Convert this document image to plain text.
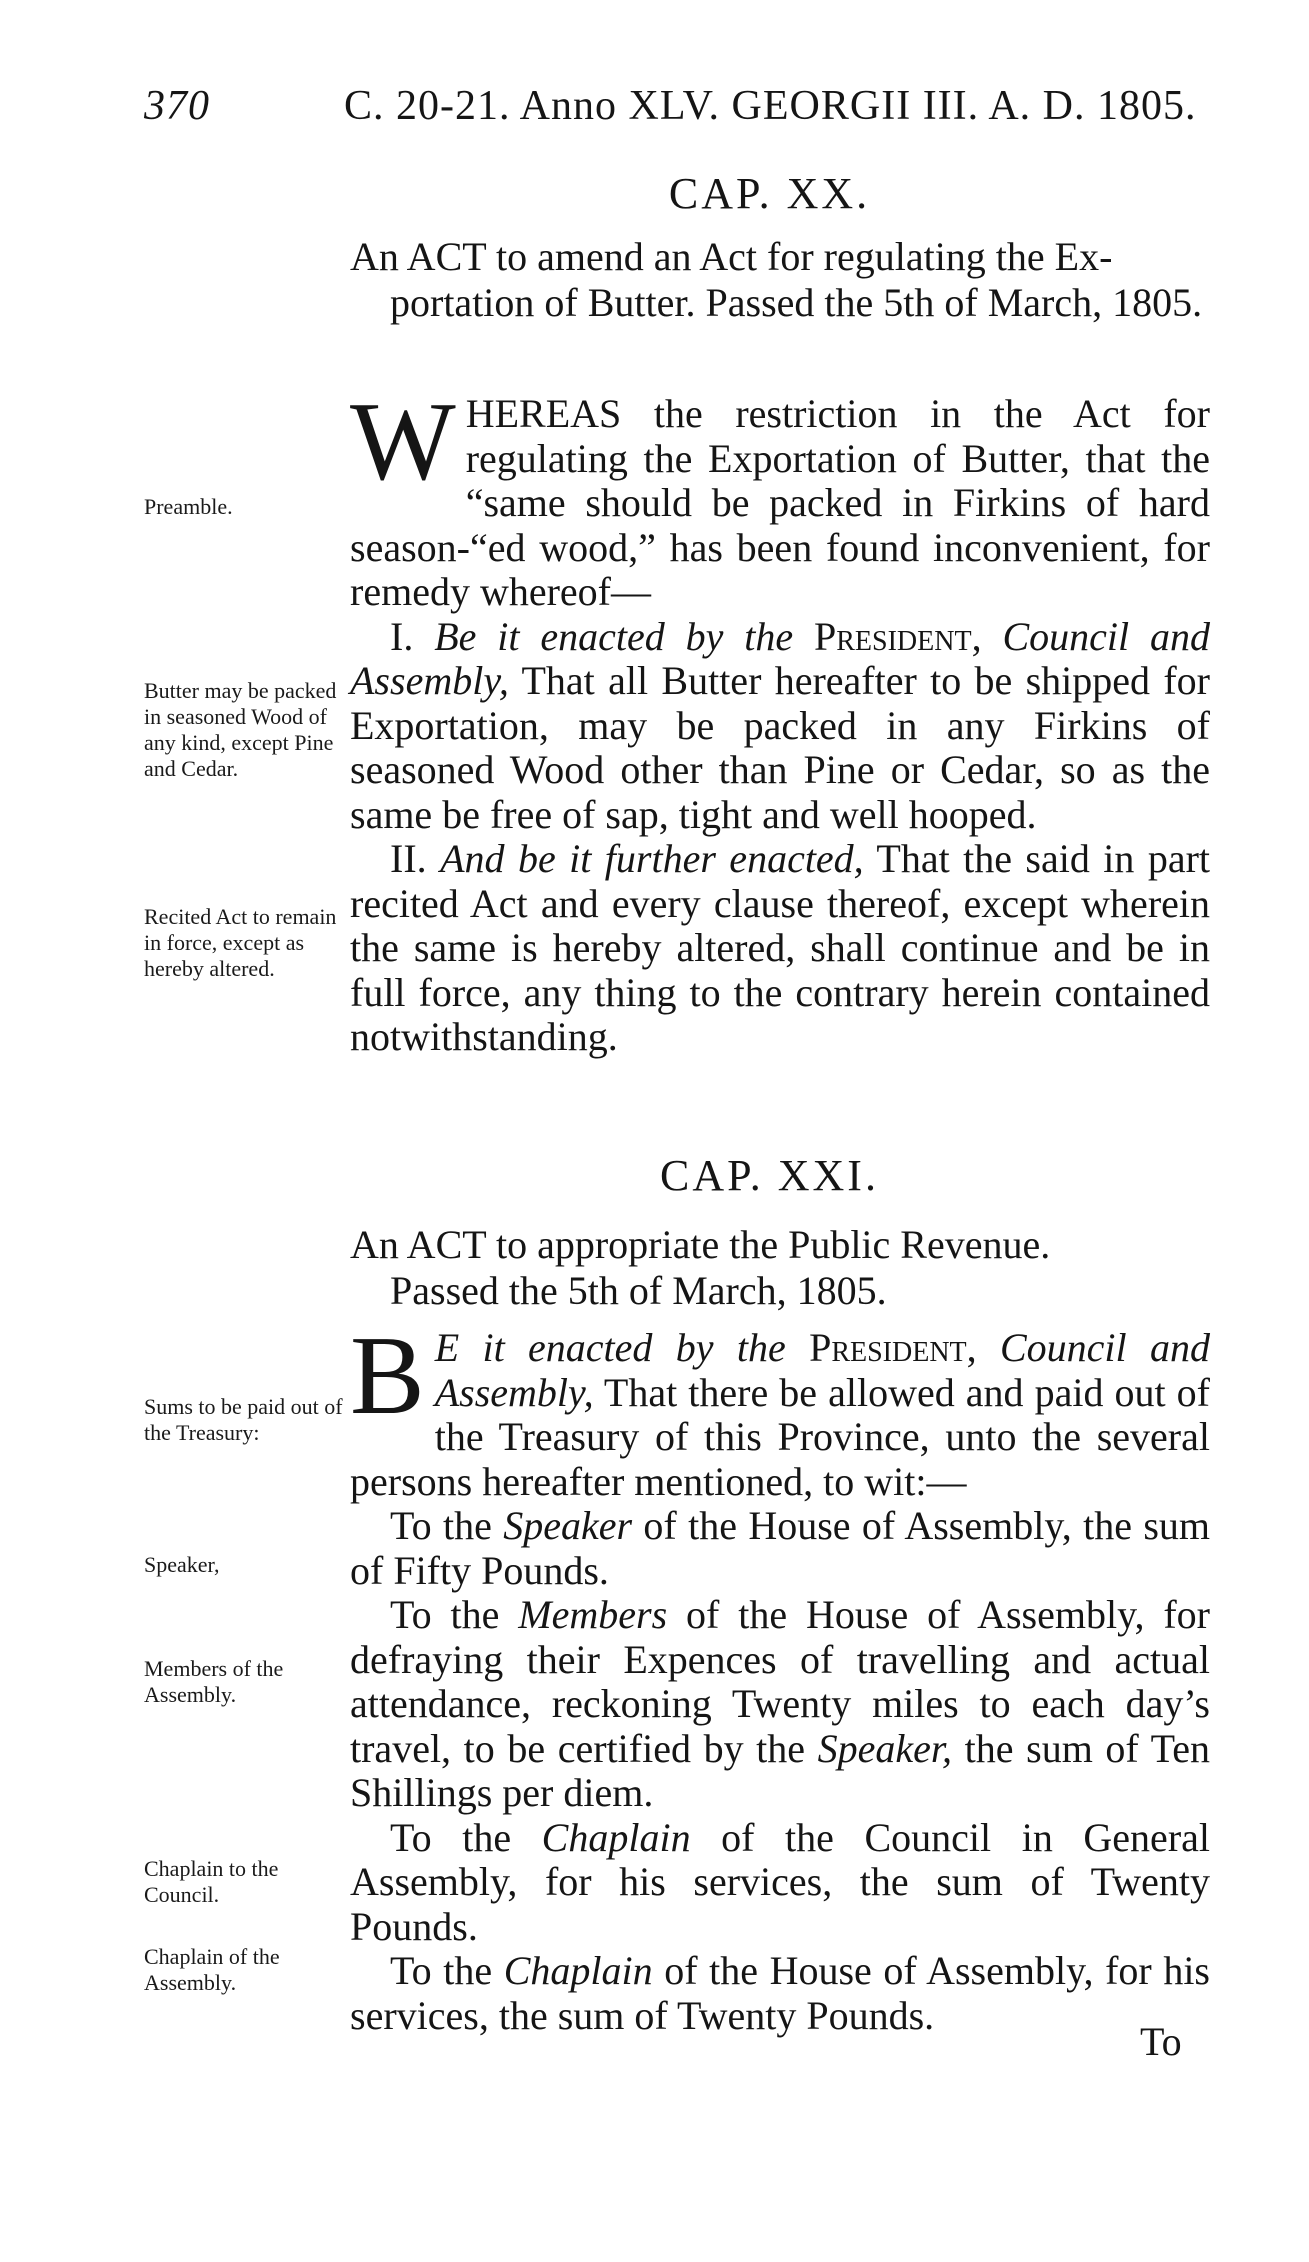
370	C. 20-21. Anno XLV. GEORGII III. A. D. 1805.
CAP. XX.
An ACT to amend an Act for regulating the Ex-
portation of Butter. Passed the 5th of March, 1805.

WHEREAS the restriction in the Act for regulating the Exportation of Butter, that the “same should be packed in Firkins of hard season-“ed wood,” has been found inconvenient, for remedy whereof—

I. Be it enacted by the President, Council and Assembly, That all Butter hereafter to be shipped for Exportation, may be packed in any Firkins of seasoned Wood other than Pine or Cedar, so as the same be free of sap, tight and well hooped.

II. And be it further enacted, That the said in part recited Act and every clause thereof, except wherein the same is hereby altered, shall continue and be in full force, any thing to the contrary herein contained notwithstanding.

Preamble.
Butter may be packed in seasoned Wood of any kind, except Pine and Cedar.
Recited Act to remain in force, except as hereby altered.
CAP. XXI.
An ACT to appropriate the Public Revenue.
Passed the 5th of March, 1805.

B E it enacted by the President, Council and Assembly, That there be allowed and paid out of the Treasury of this Province, unto the several persons hereafter mentioned, to wit:—

To the Speaker of the House of Assembly, the sum of Fifty Pounds.

To the Members of the House of Assembly, for defraying their Expences of travelling and actual attendance, reckoning Twenty miles to each day’s travel, to be certified by the Speaker, the sum of Ten Shillings per diem.

To the Chaplain of the Council in General Assembly, for his services, the sum of Twenty Pounds.

To the Chaplain of the House of Assembly, for his services, the sum of Twenty Pounds.

Sums to be paid out of the Treasury:
Speaker,
Members of the Assembly.
Chaplain to the Council.
Chaplain of the Assembly.
To
